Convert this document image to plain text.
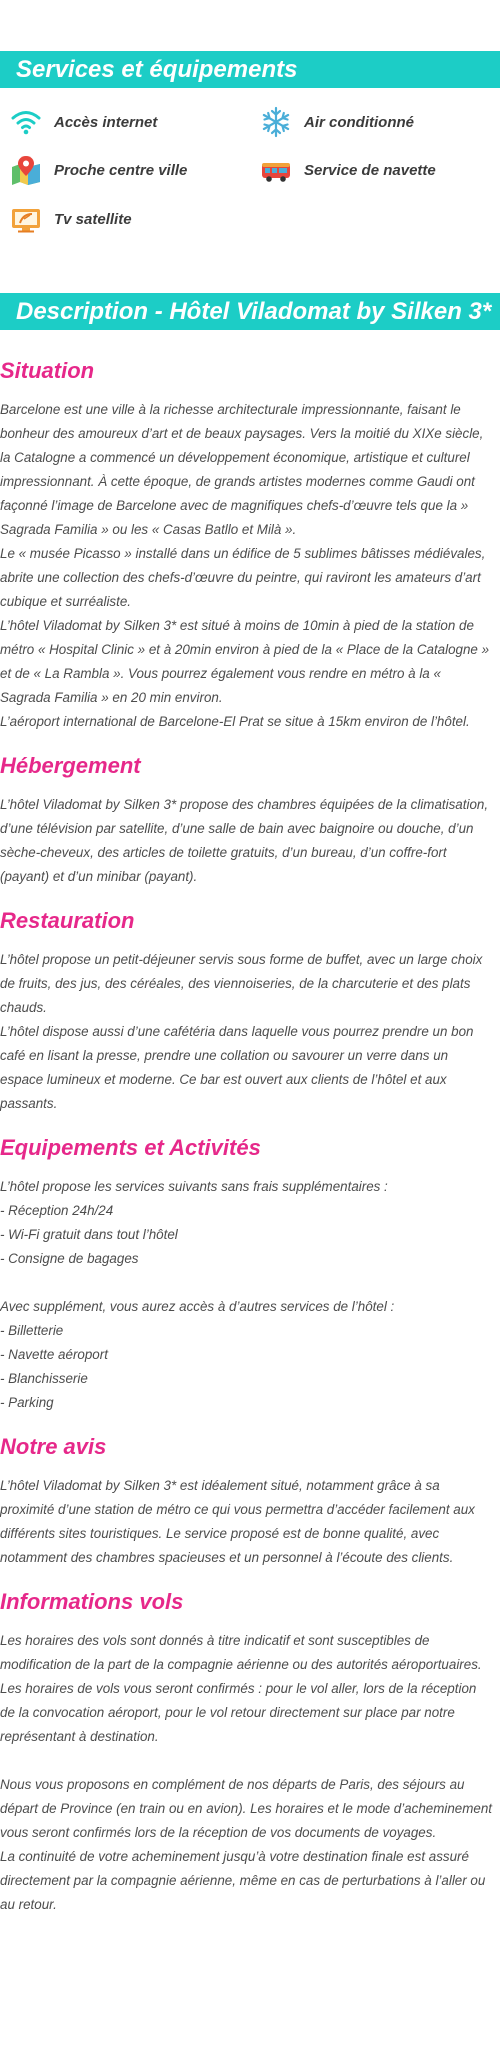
Services et équipements
Accès internet	Air conditionné
Proche centre ville	Service de navette
Tv satellite
Description - Hôtel Viladomat by Silken 3*
Situation

Barcelone est une ville à la richesse architecturale impressionnante, faisant le bonheur des amoureux d’art et de beaux paysages. Vers la moitié du XIXe siècle, la Catalogne a commencé un développement économique, artistique et culturel impressionnant. À cette époque, de grands artistes modernes comme Gaudi ont façonné l’image de Barcelone avec de magnifiques chefs-d’œuvre tels que la » Sagrada Familia » ou les « Casas Batllo et Milà ».
Le « musée Picasso » installé dans un édifice de 5 sublimes bâtisses médiévales, abrite une collection des chefs-d’œuvre du peintre, qui raviront les amateurs d’art cubique et surréaliste.
L’hôtel Viladomat by Silken 3* est situé à moins de 10min à pied de la station de métro « Hospital Clinic » et à 20min environ à pied de la « Place de la Catalogne » et de « La Rambla ». Vous pourrez également vous rendre en métro à la « Sagrada Familia » en 20 min environ.
L’aéroport international de Barcelone-El Prat se situe à 15km environ de l’hôtel.

Hébergement

L’hôtel Viladomat by Silken 3* propose des chambres équipées de la climatisation, d’une télévision par satellite, d’une salle de bain avec baignoire ou douche, d’un sèche-cheveux, des articles de toilette gratuits, d’un bureau, d’un coffre-fort (payant) et d’un minibar (payant).

Restauration

L’hôtel propose un petit-déjeuner servis sous forme de buffet, avec un large choix de fruits, des jus, des céréales, des viennoiseries, de la charcuterie et des plats chauds.
L’hôtel dispose aussi d’une cafétéria dans laquelle vous pourrez prendre un bon café en lisant la presse, prendre une collation ou savourer un verre dans un espace lumineux et moderne. Ce bar est ouvert aux clients de l’hôtel et aux passants.

Equipements et Activités

L’hôtel propose les services suivants sans frais supplémentaires :
- Réception 24h/24
- Wi-Fi gratuit dans tout l’hôtel
- Consigne de bagages
Avec supplément, vous aurez accès à d’autres services de l’hôtel :
- Billetterie
- Navette aéroport
- Blanchisserie
- Parking

Notre avis

L’hôtel Viladomat by Silken 3* est idéalement situé, notamment grâce à sa proximité d’une station de métro ce qui vous permettra d’accéder facilement aux différents sites touristiques. Le service proposé est de bonne qualité, avec notamment des chambres spacieuses et un personnel à l’écoute des clients.

Informations vols

Les horaires des vols sont donnés à titre indicatif et sont susceptibles de modification de la part de la compagnie aérienne ou des autorités aéroportuaires.
Les horaires de vols vous seront confirmés : pour le vol aller, lors de la réception de la convocation aéroport, pour le vol retour directement sur place par notre représentant à destination.
Nous vous proposons en complément de nos départs de Paris, des séjours au départ de Province (en train ou en avion). Les horaires et le mode d’acheminement vous seront confirmés lors de la réception de vos documents de voyages.
La continuité de votre acheminement jusqu’à votre destination finale est assuré directement par la compagnie aérienne, même en cas de perturbations à l’aller ou au retour.
